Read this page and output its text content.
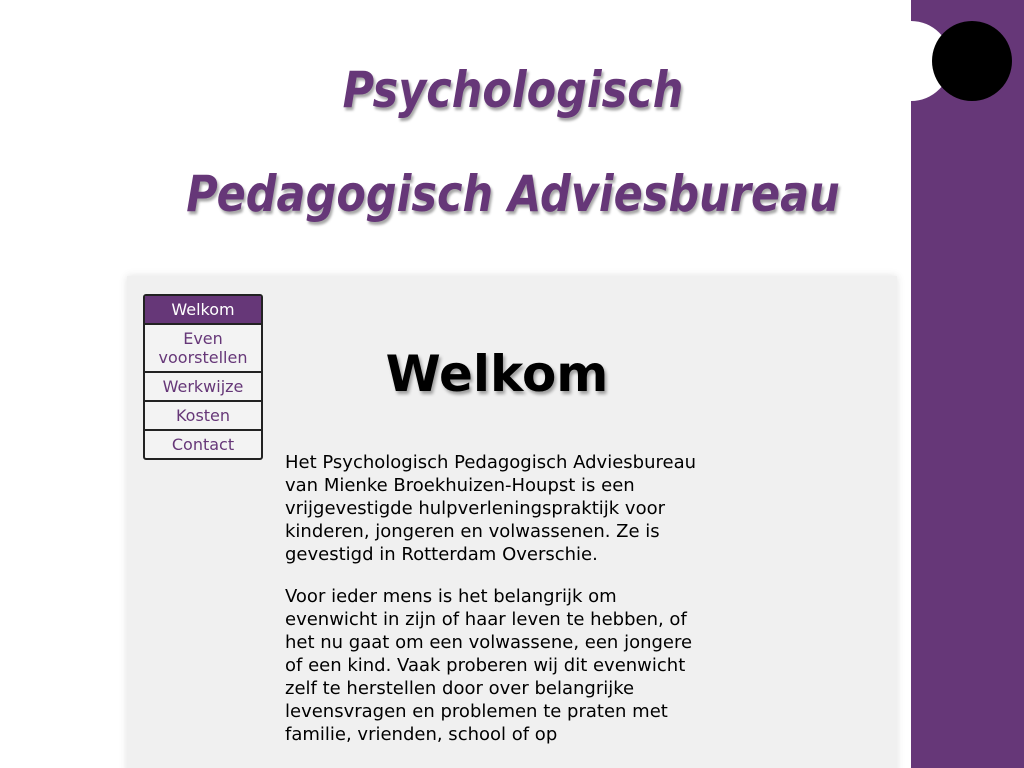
Psychologisch Pedagogisch Adviesbureau
Welkom
Even voorstellen
Werkwijze
Kosten
Contact
Welkom

Het Psychologisch Pedagogisch Adviesbureau van Mienke Broekhuizen-Houpst is een vrijgevestigde hulpverleningspraktijk voor kinderen, jongeren en volwassenen. Ze is gevestigd in Rotterdam Overschie.

Voor ieder mens is het belangrijk om evenwicht in zijn of haar leven te hebben, of het nu gaat om een volwassene, een jongere of een kind. Vaak proberen wij dit evenwicht zelf te herstellen door over belangrijke levensvragen en problemen te praten met familie, vrienden, school of op
